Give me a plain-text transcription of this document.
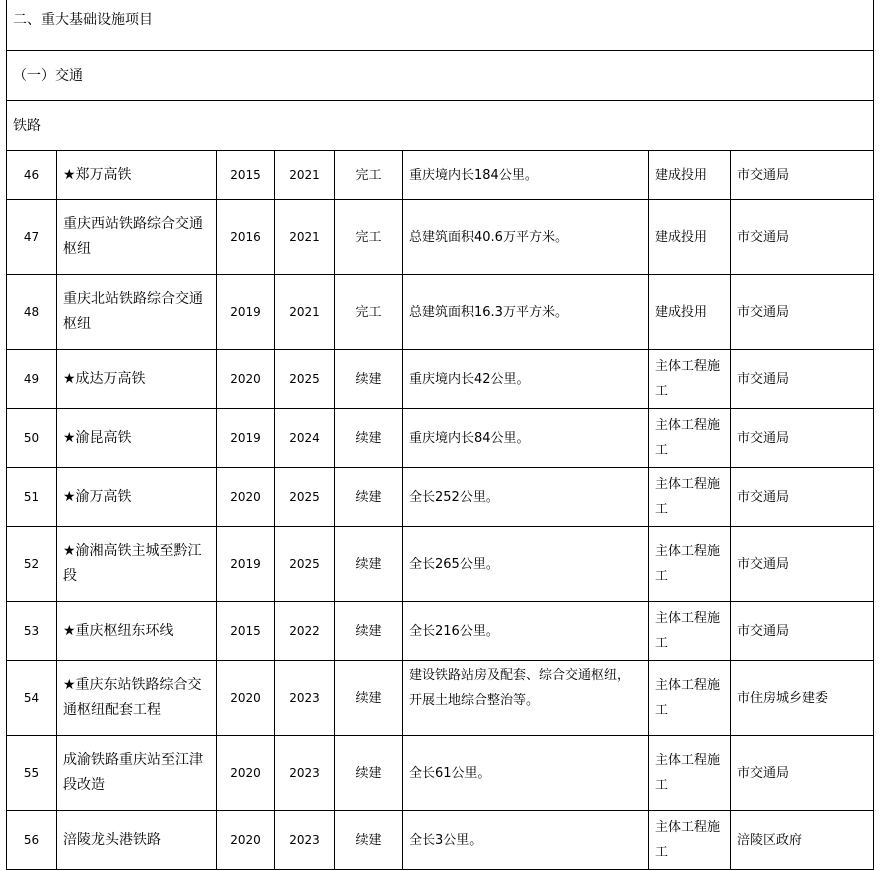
二、重大基础设施项目							
（一）交通							
铁路							
46	★郑万高铁	2015	2021	完工	重庆境内长184公里。	建成投用	市交通局
47	重庆西站铁路综合交通枢纽	2016	2021	完工	总建筑面积40.6万平方米。	建成投用	市交通局
48	重庆北站铁路综合交通枢纽	2019	2021	完工	总建筑面积16.3万平方米。	建成投用	市交通局
49	★成达万高铁	2020	2025	续建	重庆境内长42公里。	主体工程施工	市交通局
50	★渝昆高铁	2019	2024	续建	重庆境内长84公里。	主体工程施工	市交通局
51	★渝万高铁	2020	2025	续建	全长252公里。	主体工程施工	市交通局
52	★渝湘高铁主城至黔江段	2019	2025	续建	全长265公里。	主体工程施工	市交通局
53	★重庆枢纽东环线	2015	2022	续建	全长216公里。	主体工程施工	市交通局
54	★重庆东站铁路综合交通枢纽配套工程	2020	2023	续建	建设铁路站房及配套、综合交通枢纽，开展土地综合整治等。	主体工程施工	市住房城乡建委
55	成渝铁路重庆站至江津段改造	2020	2023	续建	全长61公里。	主体工程施工	市交通局
56	涪陵龙头港铁路	2020	2023	续建	全长3公里。	主体工程施工	涪陵区政府
